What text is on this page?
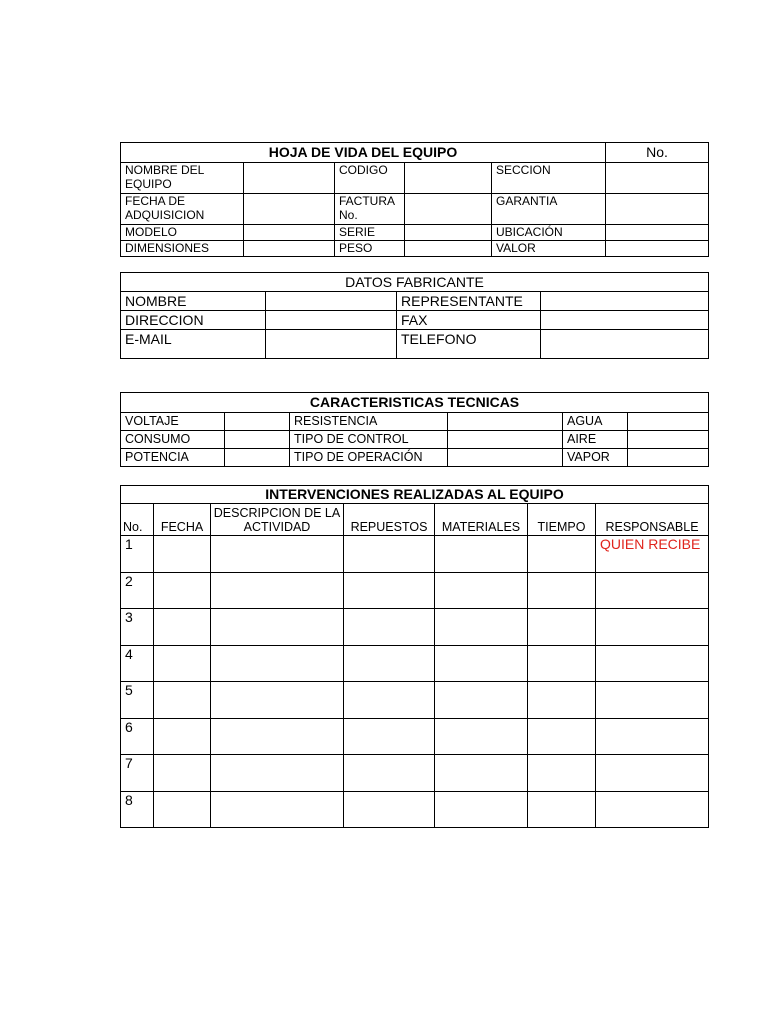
HOJA DE VIDA DEL EQUIPO					No.
NOMBRE DEL EQUIPO		CODIGO		SECCION	
FECHA DE ADQUISICION		FACTURA No.		GARANTIA	
MODELO		SERIE		UBICACIÓN	
DIMENSIONES		PESO		VALOR	
DATOS FABRICANTE			
NOMBRE		REPRESENTANTE	
DIRECCION		FAX	
E-MAIL		TELEFONO	
CARACTERISTICAS TECNICAS					
VOLTAJE		RESISTENCIA		AGUA	
CONSUMO		TIPO DE CONTROL		AIRE	
POTENCIA		TIPO DE OPERACIÓN		VAPOR	
INTERVENCIONES REALIZADAS AL EQUIPO						
No.	FECHA	DESCRIPCION DE LA ACTIVIDAD	REPUESTOS	MATERIALES	TIEMPO	RESPONSABLE
1						QUIEN RECIBE
2						
3						
4						
5						
6						
7						
8						
